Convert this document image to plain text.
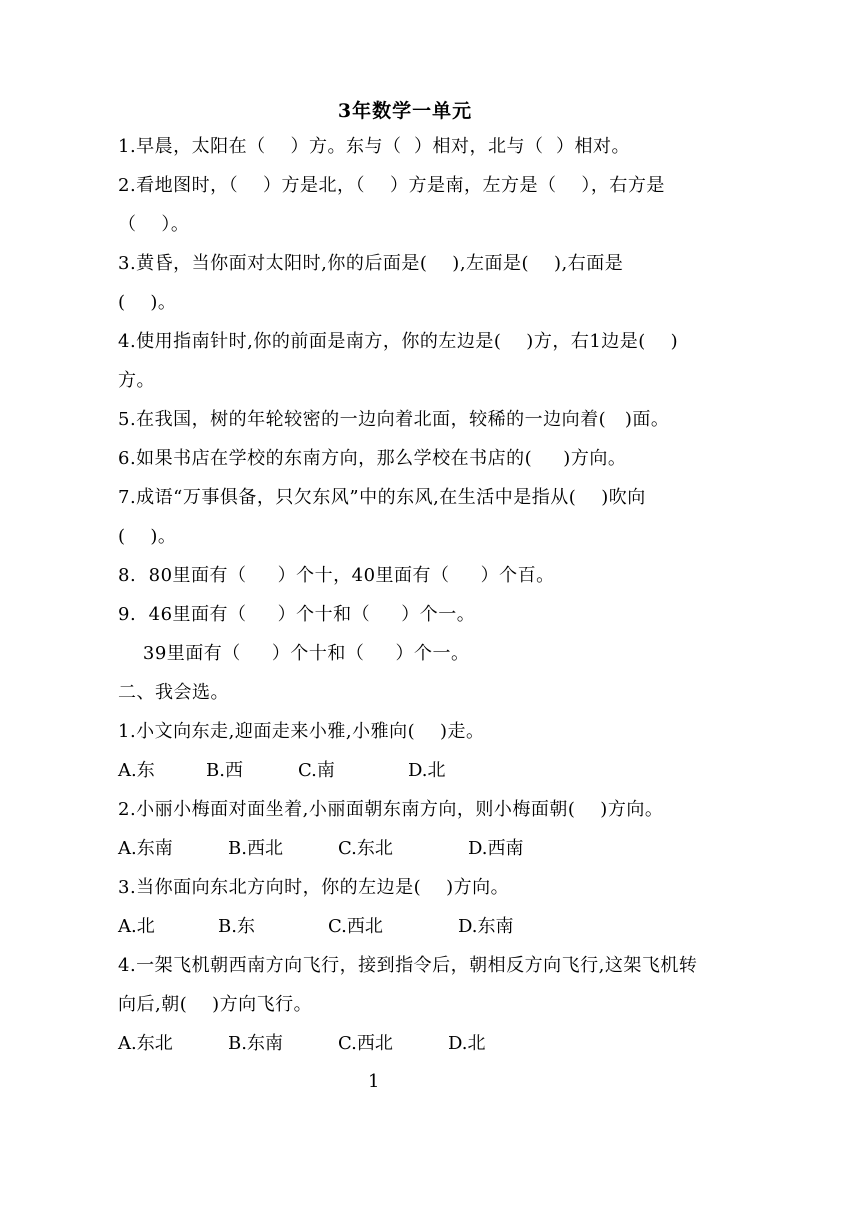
3年数学一单元
1.早晨，太阳在（    ）方。东与（  ）相对，北与（  ）相对。
2.看地图时，（    ）方是北，（    ）方是南，左方是（    ），右方是
（    ）。
3.黄昏，当你面对太阳时,你的后面是(    ),左面是(    ),右面是
(    )。
4.使用指南针时,你的前面是南方，你的左边是(    )方，右1边是(    )
方。
5.在我国，树的年轮较密的一边向着北面，较稀的一边向着(   )面。
6.如果书店在学校的东南方向，那么学校在书店的(     )方向。
7.成语“万事俱备，只欠东风”中的东风,在生活中是指从(    )吹向
(    )。
8.  80里面有（     ）个十，40里面有（     ）个百。
9.  46里面有（     ）个十和（     ）个一。
39里面有（     ）个十和（     ）个一。
二、我会选。
1.小文向东走,迎面走来小雅,小雅向(    )走。
A.东	B.西	C.南	D.北
2.小丽小梅面对面坐着,小丽面朝东南方向，则小梅面朝(    )方向。
A.东南	B.西北	C.东北	D.西南
3.当你面向东北方向时，你的左边是(    )方向。
A.北	B.东	C.西北	D.东南
4.一架飞机朝西南方向飞行，接到指令后，朝相反方向飞行,这架飞机转
向后,朝(    )方向飞行。
A.东北	B.东南	C.西北	D.北
1
